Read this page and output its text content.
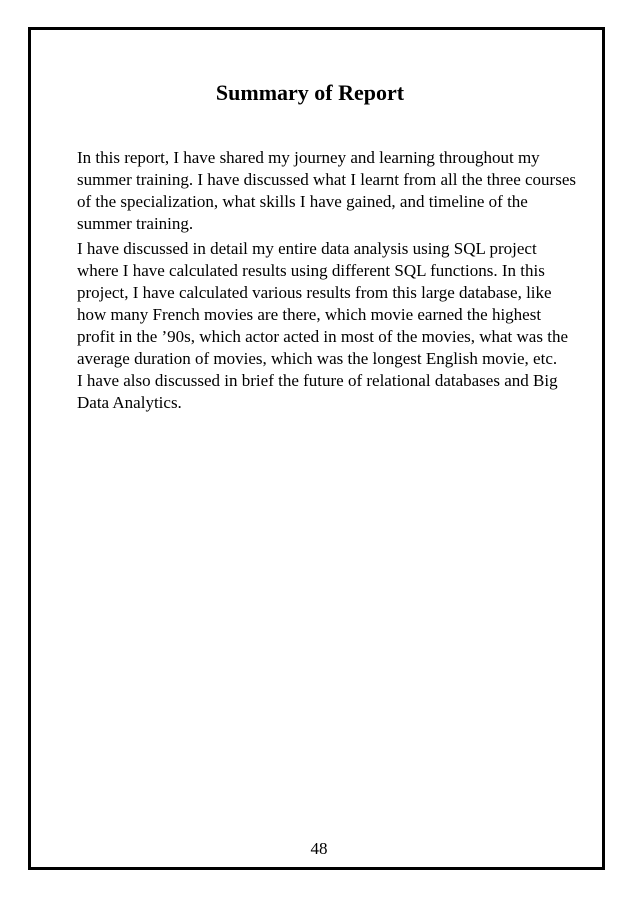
Summary of Report

In this report, I have shared my journey and learning throughout my summer training. I have discussed what I learnt from all the three courses of the specialization, what skills I have gained, and timeline of the summer training.

I have discussed in detail my entire data analysis using SQL project where I have calculated results using different SQL functions. In this project, I have calculated various results from this large database, like how many French movies are there, which movie earned the highest profit in the ’90s, which actor acted in most of the movies, what was the average duration of movies, which was the longest English movie, etc.
I have also discussed in brief the future of relational databases and Big Data Analytics.

48
